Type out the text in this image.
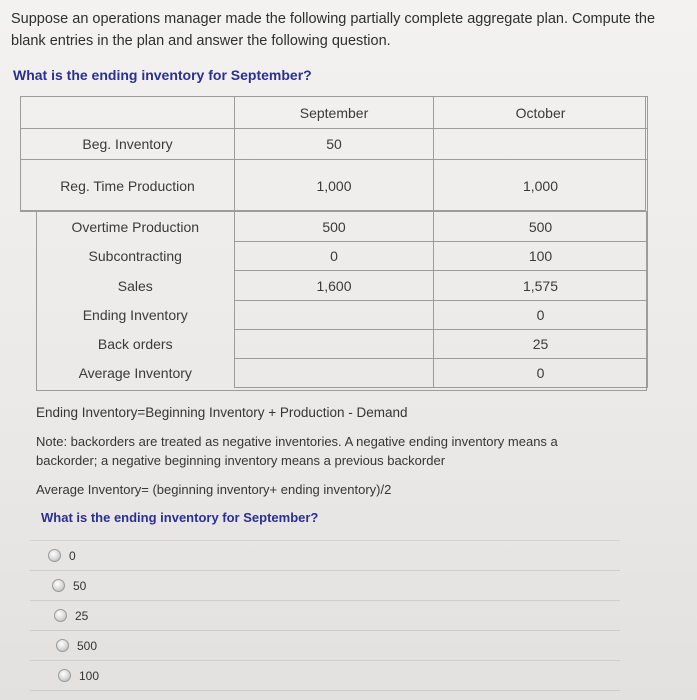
Suppose an operations manager made the following partially complete aggregate plan. Compute the blank entries in the plan and answer the following question.
What is the ending inventory for September?
	September	October
Beg. Inventory	50	
Reg. Time Production	1,000	1,000
Overtime Production	500	500
Subcontracting	0	100
Sales	1,600	1,575
Ending Inventory		0
Back orders		25
Average Inventory		0

Ending Inventory=Beginning Inventory + Production - Demand

Note: backorders are treated as negative inventories. A negative ending inventory means a backorder; a negative beginning inventory means a previous backorder

Average Inventory= (beginning inventory+ ending inventory)/2

What is the ending inventory for September?
0
50
25
500
100
